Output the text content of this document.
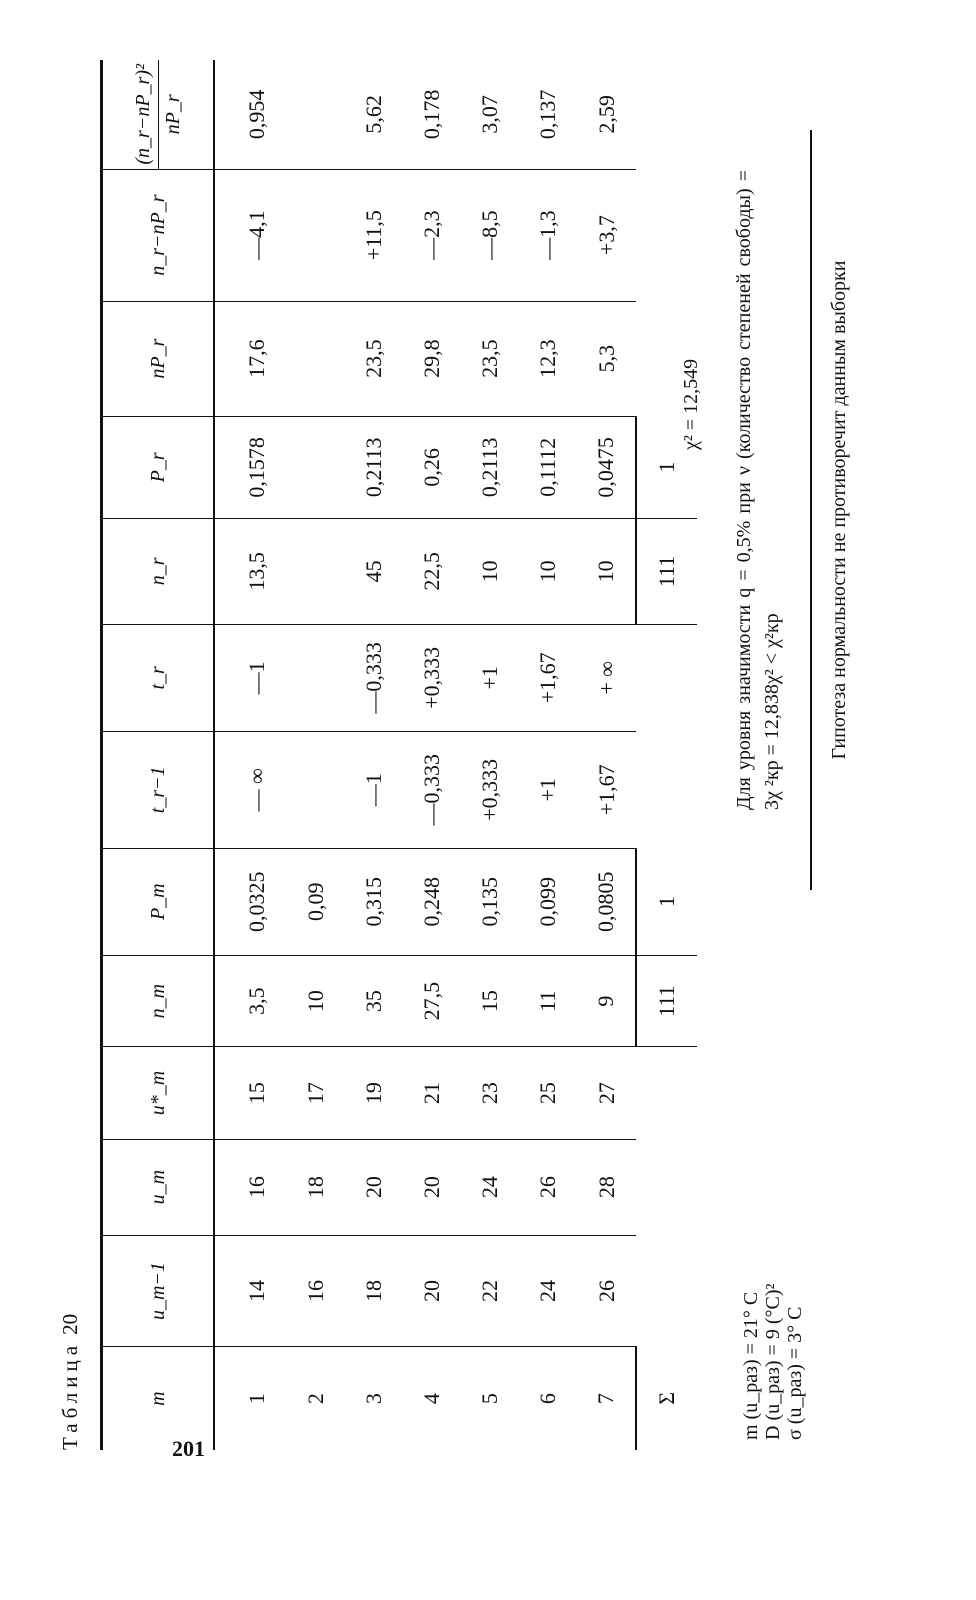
Таблица20
m	u_m−1	u_m	u*_m	n_m	P_m	t_r−1	t_r	n_r	P_r	nP_r	n_r−nP_r	(n_r−nP_r)² nP_r

1	14	16	15	3,5	0,0325	— ∞	—1	13,5	0,1578	17,6	—4,1	0,954
2	16	18	17	10	0,09							
3	18	20	19	35	0,315	—1	—0,333	45	0,2113	23,5	+11,5	5,62
4	20	20	21	27,5	0,248	—0,333	+0,333	22,5	0,26	29,8	—2,3	0,178
5	22	24	23	15	0,135	+0,333	+1	10	0,2113	23,5	—8,5	3,07
6	24	26	25	11	0,099	+1	+1,67	10	0,1112	12,3	—1,3	0,137
7	26	28	27	9	0,0805	+1,67	+ ∞	10	0,0475	5,3	+3,7	2,59
Σ				111	1			111	1			
m (u_раз) = 21° C D (u_раз) = 9 (°C)² σ (u_раз) = 3° C
χ² = 12,549 Для уровня значимости q = 0,5% при ν (количество степеней свободы) = 3χ ²кр = 12,838χ² < χ²кр	Гипотеза нормальности не противоречит данным выборки
201
